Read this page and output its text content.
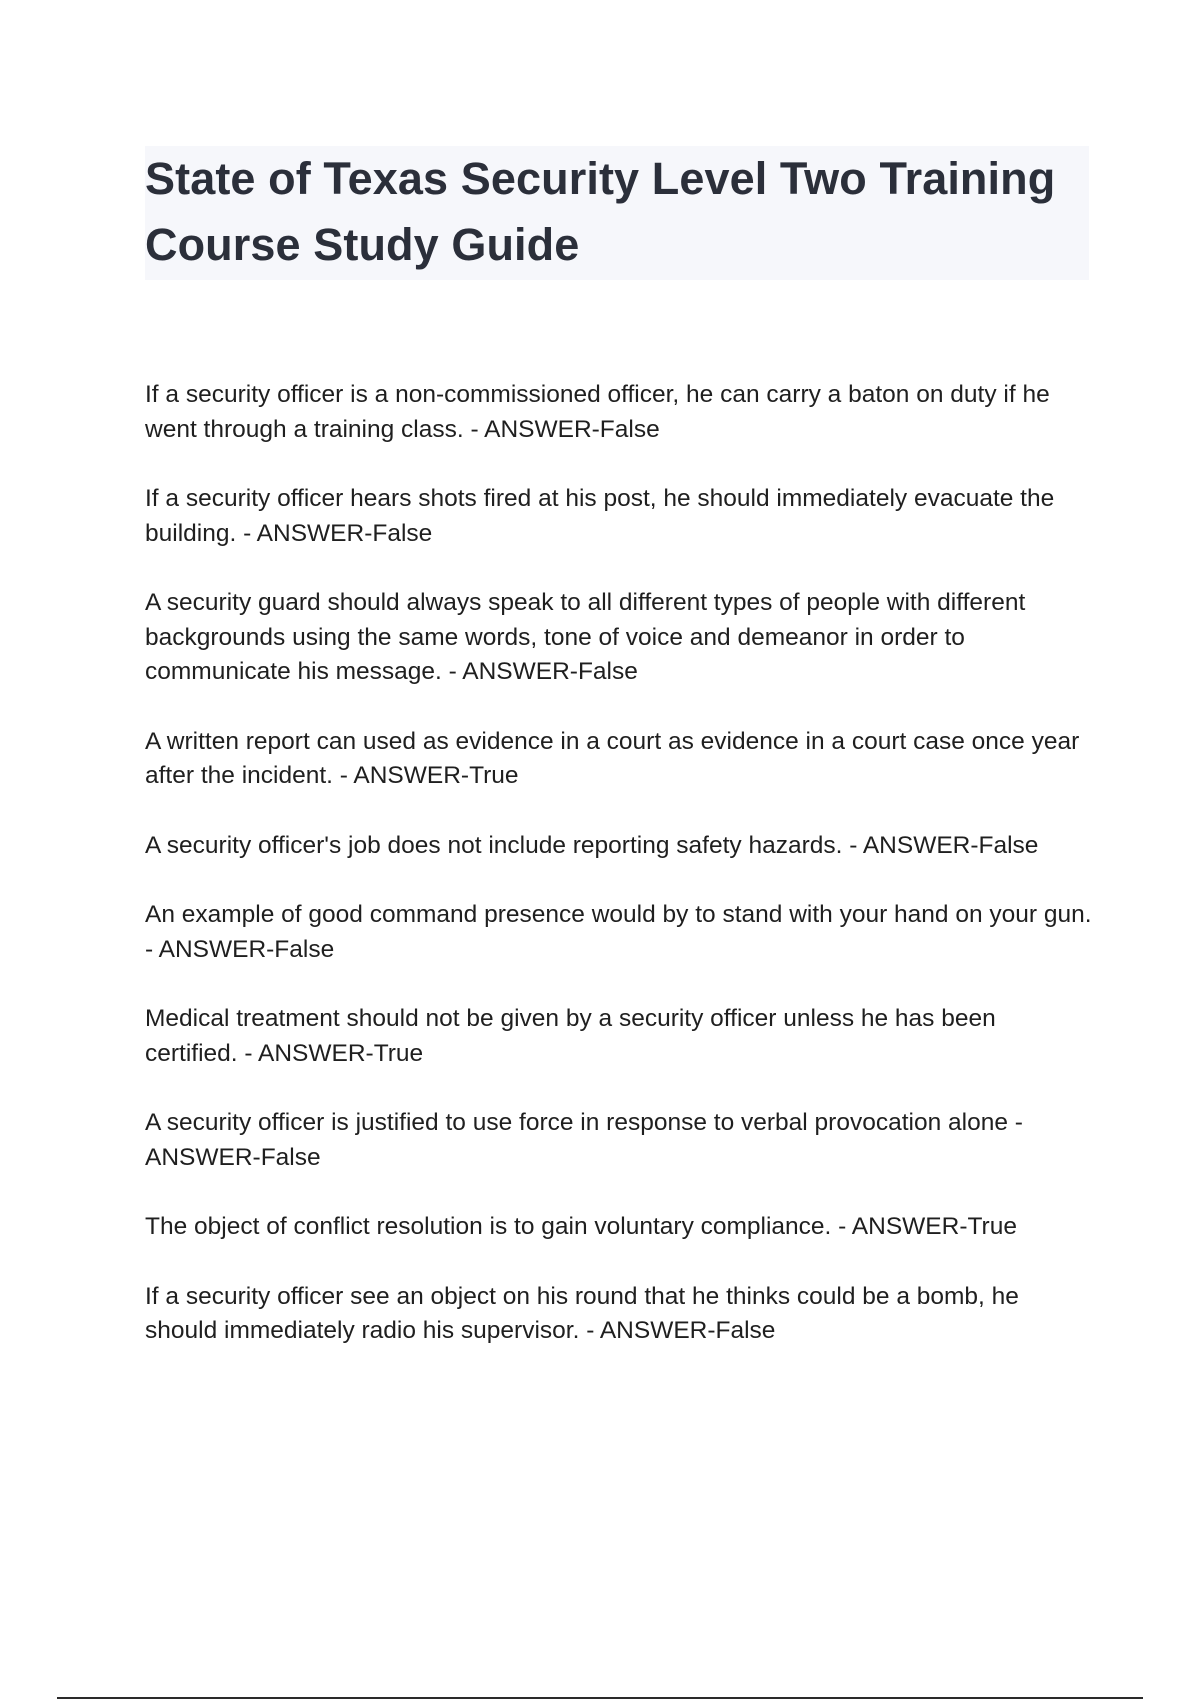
State of Texas Security Level Two Training Course Study Guide
If a security officer is a non-commissioned officer, he can carry a baton on duty if he went through a training class. - ANSWER-False
If a security officer hears shots fired at his post, he should immediately evacuate the building. - ANSWER-False
A security guard should always speak to all different types of people with different backgrounds using the same words, tone of voice and demeanor in order to communicate his message. - ANSWER-False
A written report can used as evidence in a court as evidence in a court case once year after the incident. - ANSWER-True
A security officer's job does not include reporting safety hazards. - ANSWER-False
An example of good command presence would by to stand with your hand on your gun. - ANSWER-False
Medical treatment should not be given by a security officer unless he has been certified. - ANSWER-True
A security officer is justified to use force in response to verbal provocation alone - ANSWER-False
The object of conflict resolution is to gain voluntary compliance. - ANSWER-True
If a security officer see an object on his round that he thinks could be a bomb, he should immediately radio his supervisor. - ANSWER-False
